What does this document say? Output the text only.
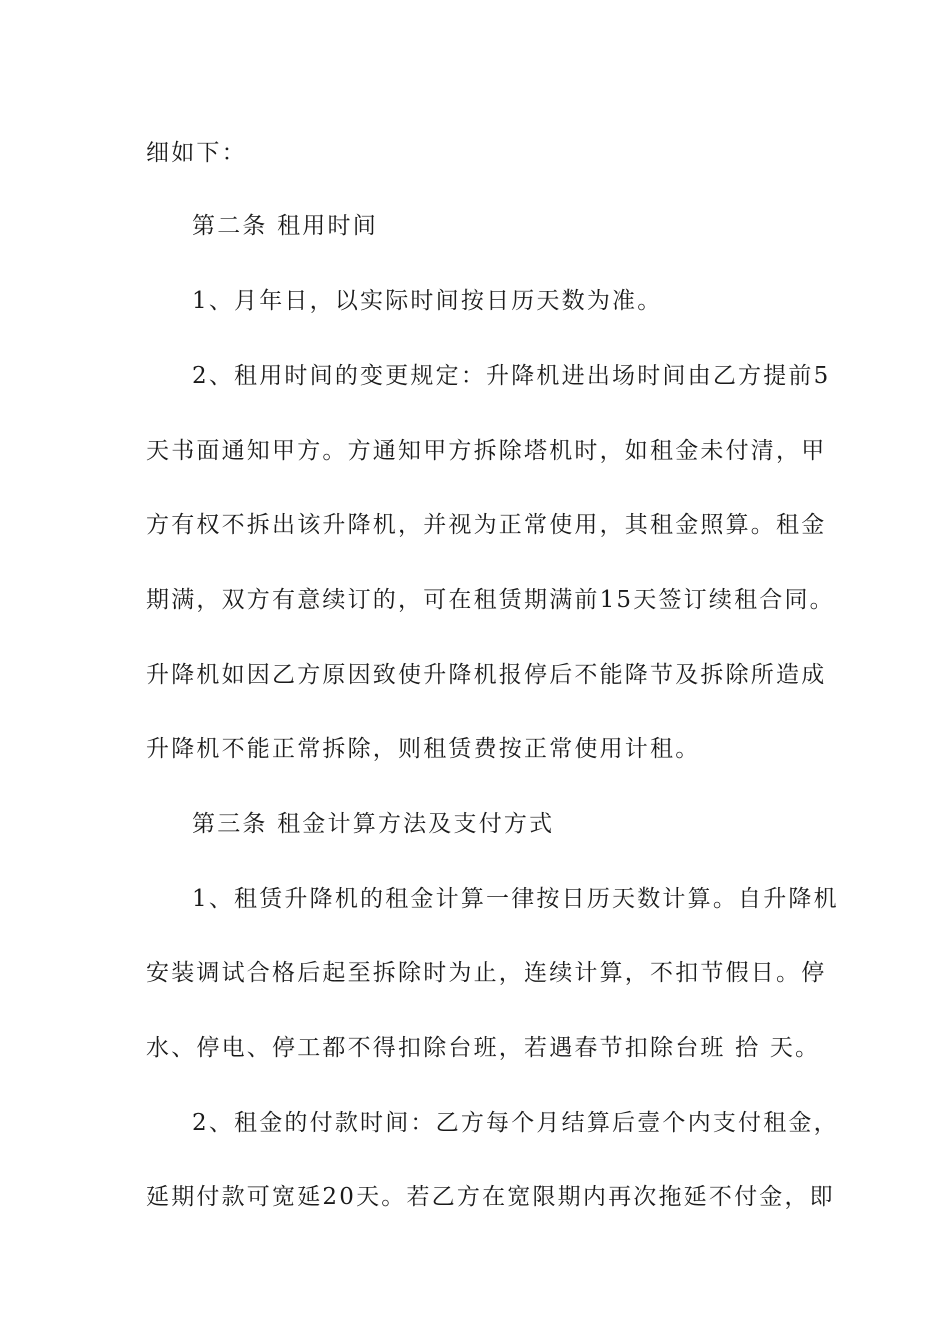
细如下：
第二条 租用时间
1、月年日，以实际时间按日历天数为准。
2、租用时间的变更规定：升降机进出场时间由乙方提前5
天书面通知甲方。方通知甲方拆除塔机时，如租金未付清，甲
方有权不拆出该升降机，并视为正常使用，其租金照算。租金
期满，双方有意续订的，可在租赁期满前15天签订续租合同。
升降机如因乙方原因致使升降机报停后不能降节及拆除所造成
升降机不能正常拆除，则租赁费按正常使用计租。
第三条 租金计算方法及支付方式
1、租赁升降机的租金计算一律按日历天数计算。自升降机
安装调试合格后起至拆除时为止，连续计算，不扣节假日。停
水、停电、停工都不得扣除台班，若遇春节扣除台班 拾 天。
2、租金的付款时间：乙方每个月结算后壹个内支付租金，
延期付款可宽延20天。若乙方在宽限期内再次拖延不付金，即
